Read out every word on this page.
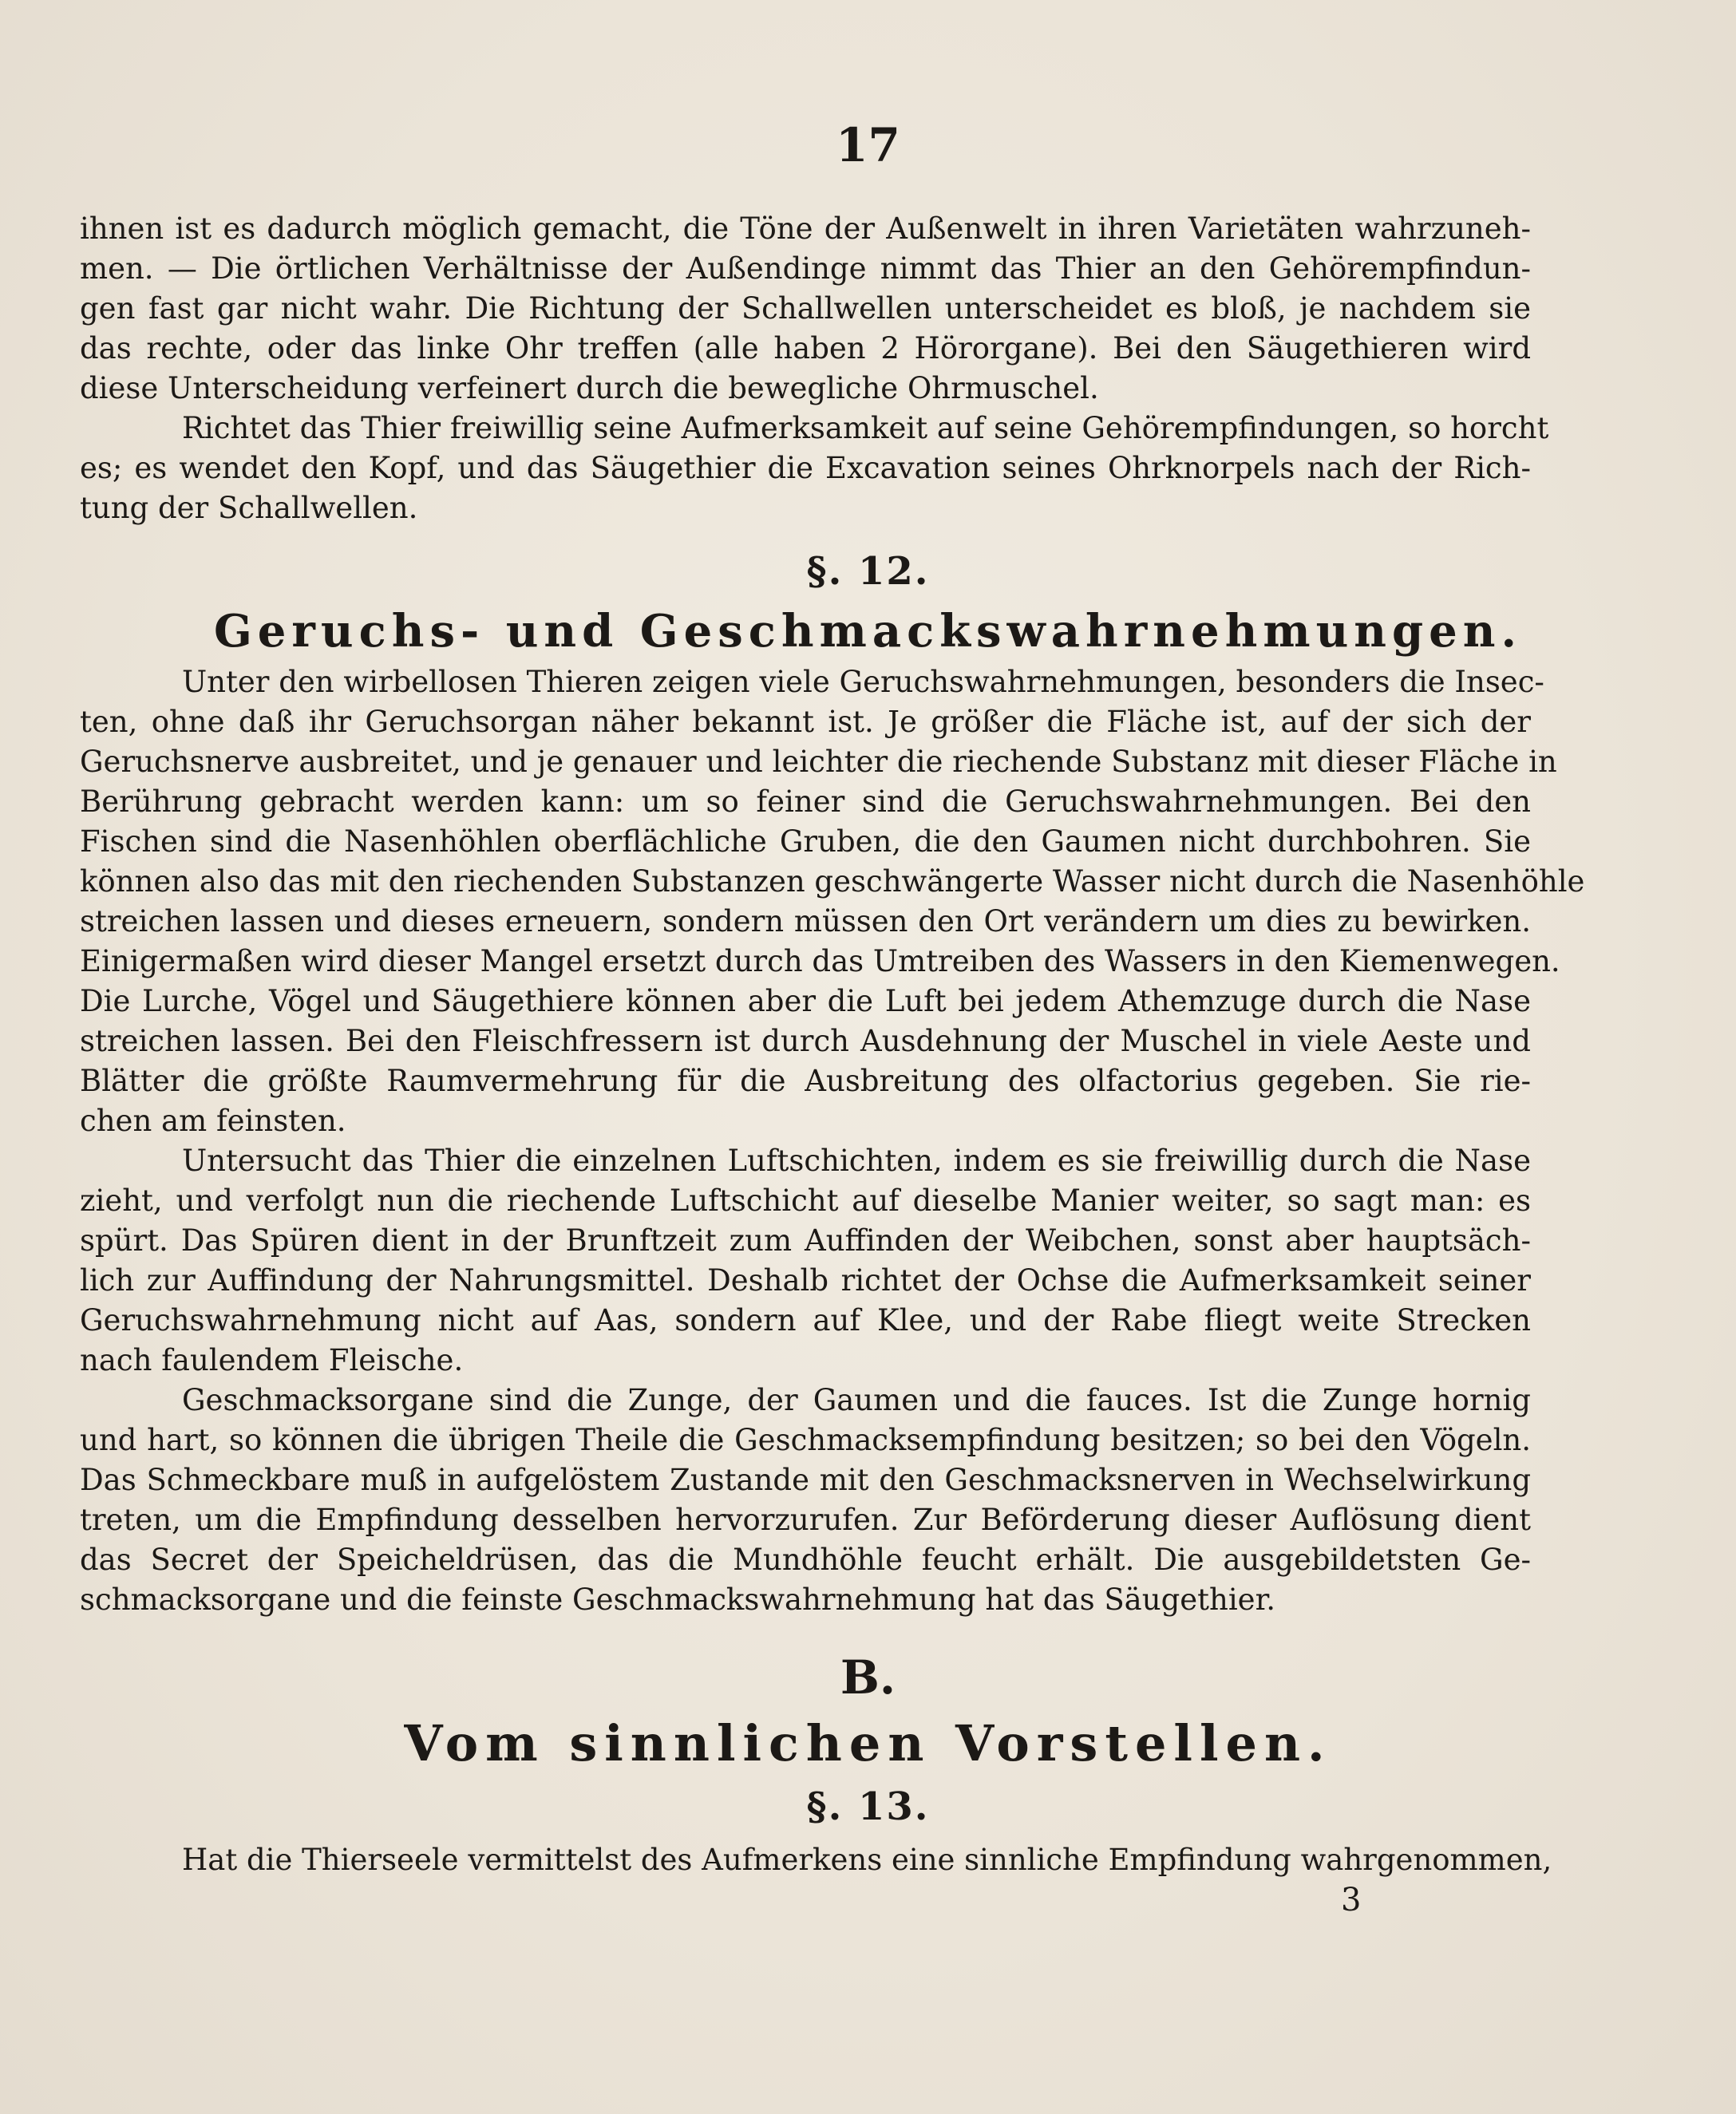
17
ihnen ist es dadurch möglich gemacht, die Töne der Außenwelt in ihren Varietäten wahrzuneh-
men. — Die örtlichen Verhältnisse der Außendinge nimmt das Thier an den Gehörempfindun-
gen fast gar nicht wahr. Die Richtung der Schallwellen unterscheidet es bloß, je nachdem sie
das rechte, oder das linke Ohr treffen (alle haben 2 Hörorgane). Bei den Säugethieren wird
diese Unterscheidung verfeinert durch die bewegliche Ohrmuschel.
Richtet das Thier freiwillig seine Aufmerksamkeit auf seine Gehörempfindungen, so horcht
es; es wendet den Kopf, und das Säugethier die Excavation seines Ohrknorpels nach der Rich-
tung der Schallwellen.
§. 12.
Geruchs- und Geschmackswahrnehmungen.
Unter den wirbellosen Thieren zeigen viele Geruchswahrnehmungen, besonders die Insec-
ten, ohne daß ihr Geruchsorgan näher bekannt ist. Je größer die Fläche ist, auf der sich der
Geruchsnerve ausbreitet, und je genauer und leichter die riechende Substanz mit dieser Fläche in
Berührung gebracht werden kann: um so feiner sind die Geruchswahrnehmungen. Bei den
Fischen sind die Nasenhöhlen oberflächliche Gruben, die den Gaumen nicht durchbohren. Sie
können also das mit den riechenden Substanzen geschwängerte Wasser nicht durch die Nasenhöhle
streichen lassen und dieses erneuern, sondern müssen den Ort verändern um dies zu bewirken.
Einigermaßen wird dieser Mangel ersetzt durch das Umtreiben des Wassers in den Kiemenwegen.
Die Lurche, Vögel und Säugethiere können aber die Luft bei jedem Athemzuge durch die Nase
streichen lassen. Bei den Fleischfressern ist durch Ausdehnung der Muschel in viele Aeste und
Blätter die größte Raumvermehrung für die Ausbreitung des olfactorius gegeben. Sie rie-
chen am feinsten.
Untersucht das Thier die einzelnen Luftschichten, indem es sie freiwillig durch die Nase
zieht, und verfolgt nun die riechende Luftschicht auf dieselbe Manier weiter, so sagt man: es
spürt. Das Spüren dient in der Brunftzeit zum Auffinden der Weibchen, sonst aber hauptsäch-
lich zur Auffindung der Nahrungsmittel. Deshalb richtet der Ochse die Aufmerksamkeit seiner
Geruchswahrnehmung nicht auf Aas, sondern auf Klee, und der Rabe fliegt weite Strecken
nach faulendem Fleische.
Geschmacksorgane sind die Zunge, der Gaumen und die fauces. Ist die Zunge hornig
und hart, so können die übrigen Theile die Geschmacksempfindung besitzen; so bei den Vögeln.
Das Schmeckbare muß in aufgelöstem Zustande mit den Geschmacksnerven in Wechselwirkung
treten, um die Empfindung desselben hervorzurufen. Zur Beförderung dieser Auflösung dient
das Secret der Speicheldrüsen, das die Mundhöhle feucht erhält. Die ausgebildetsten Ge-
schmacksorgane und die feinste Geschmackswahrnehmung hat das Säugethier.
B.
Vom sinnlichen Vorstellen.
§. 13.
Hat die Thierseele vermittelst des Aufmerkens eine sinnliche Empfindung wahrgenommen,
3
